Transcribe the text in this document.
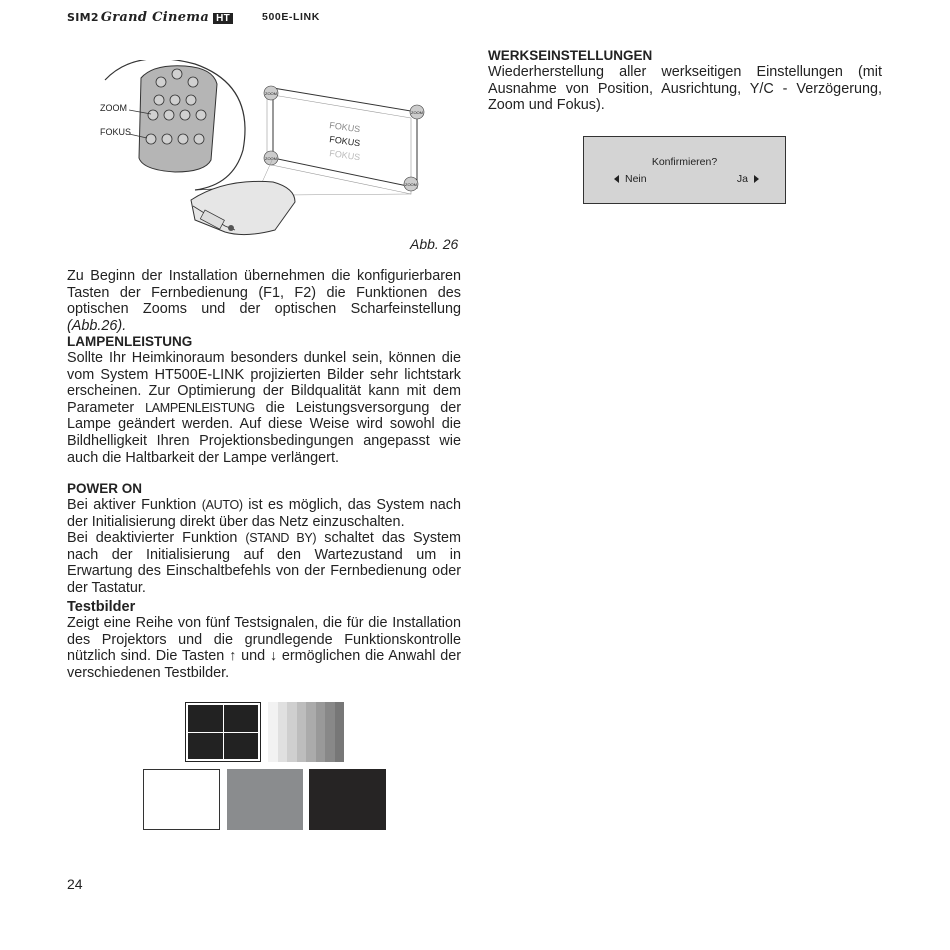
SIM2 Grand Cinema HT	500E-LINK
ZOOM
FOKUS	FOKUS
FOKUS
FOKUS
ZOOM
ZOOM
ZOOM
ZOOM
Abb. 26

Zu Beginn der Installation übernehmen die konfigurierbaren Tasten der Fernbedienung (F1, F2) die Funktionen des optischen Zooms und der optischen Scharfeinstellung (Abb.26).

LAMPENLEISTUNG

Sollte Ihr Heimkinoraum besonders dunkel sein, können die vom System HT500E-LINK projizierten Bilder sehr lichtstark erscheinen. Zur Optimierung der Bildqualität kann mit dem Parameter LAMPENLEISTUNG die Leistungsversorgung der Lampe geändert werden. Auf diese Weise wird sowohl die Bildhelligkeit Ihren Projektionsbedingungen angepasst wie auch die Haltbarkeit der Lampe verlängert.

POWER ON

Bei aktiver Funktion (AUTO) ist es möglich, das System nach der Initialisierung direkt über das Netz einzuschalten.

Bei deaktivierter Funktion (STAND BY) schaltet das System nach der Initialisierung auf den Wartezustand um in Erwartung des Einschaltbefehls von der Fernbedienung oder der Tastatur.

Testbilder

Zeigt eine Reihe von fünf Testsignalen, die für die Installation des Projektors und die grundlegende Funktionskontrolle nützlich sind. Die Tasten ↑ und ↓ ermöglichen die Anwahl der verschiedenen Testbilder.

WERKSEINSTELLUNGEN

Wiederherstellung aller werkseitigen Einstellungen (mit Ausnahme von Position, Ausrichtung, Y/C - Verzögerung, Zoom und Fokus).

Konfirmieren?
Nein	Ja
24
